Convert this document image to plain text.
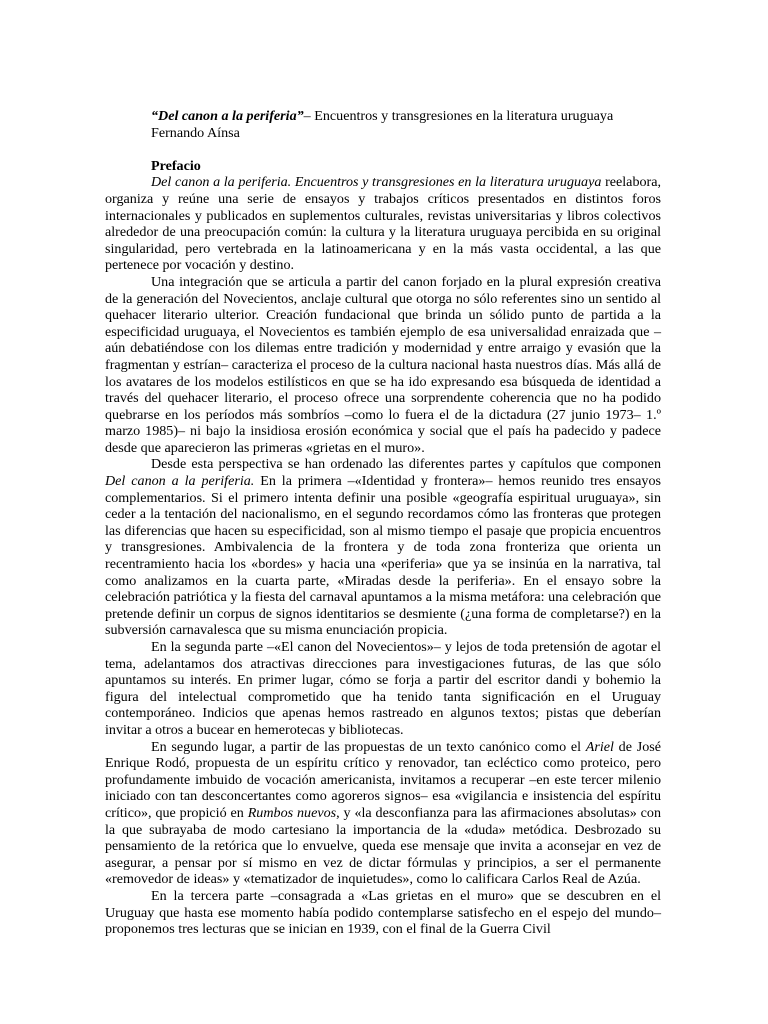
“Del canon a la periferia”– Encuentros y transgresiones en la literatura uruguaya

Fernando Aínsa

Prefacio

Del canon a la periferia. Encuentros y transgresiones en la literatura uruguaya reelabora, organiza y reúne una serie de ensayos y trabajos críticos presentados en distintos foros internacionales y publicados en suplementos culturales, revistas universitarias y libros colectivos alrededor de una preocupación común: la cultura y la literatura uruguaya percibida en su original singularidad, pero vertebrada en la latinoamericana y en la más vasta occidental, a las que pertenece por vocación y destino.

Una integración que se articula a partir del canon forjado en la plural expresión creativa de la generación del Novecientos, anclaje cultural que otorga no sólo referentes sino un sentido al quehacer literario ulterior. Creación fundacional que brinda un sólido punto de partida a la especificidad uruguaya, el Novecientos es también ejemplo de esa universalidad enraizada que –aún debatiéndose con los dilemas entre tradición y modernidad y entre arraigo y evasión que la fragmentan y estrían– caracteriza el proceso de la cultura nacional hasta nuestros días. Más allá de los avatares de los modelos estilísticos en que se ha ido expresando esa búsqueda de identidad a través del quehacer literario, el proceso ofrece una sorprendente coherencia que no ha podido quebrarse en los períodos más sombríos –como lo fuera el de la dictadura (27 junio 1973– 1.º marzo 1985)– ni bajo la insidiosa erosión económica y social que el país ha padecido y padece desde que aparecieron las primeras «grietas en el muro».

Desde esta perspectiva se han ordenado las diferentes partes y capítulos que componen Del canon a la periferia. En la primera –«Identidad y frontera»– hemos reunido tres ensayos complementarios. Si el primero intenta definir una posible «geografía espiritual uruguaya», sin ceder a la tentación del nacionalismo, en el segundo recordamos cómo las fronteras que protegen las diferencias que hacen su especificidad, son al mismo tiempo el pasaje que propicia encuentros y transgresiones. Ambivalencia de la frontera y de toda zona fronteriza que orienta un recentramiento hacia los «bordes» y hacia una «periferia» que ya se insinúa en la narrativa, tal como analizamos en la cuarta parte, «Miradas desde la periferia». En el ensayo sobre la celebración patriótica y la fiesta del carnaval apuntamos a la misma metáfora: una celebración que pretende definir un corpus de signos identitarios se desmiente (¿una forma de completarse?) en la subversión carnavalesca que su misma enunciación propicia.

En la segunda parte –«El canon del Novecientos»– y lejos de toda pretensión de agotar el tema, adelantamos dos atractivas direcciones para investigaciones futuras, de las que sólo apuntamos su interés. En primer lugar, cómo se forja a partir del escritor dandi y bohemio la figura del intelectual comprometido que ha tenido tanta significación en el Uruguay contemporáneo. Indicios que apenas hemos rastreado en algunos textos; pistas que deberían invitar a otros a bucear en hemerotecas y bibliotecas.

En segundo lugar, a partir de las propuestas de un texto canónico como el Ariel de José Enrique Rodó, propuesta de un espíritu crítico y renovador, tan ecléctico como proteico, pero profundamente imbuido de vocación americanista, invitamos a recuperar –en este tercer milenio iniciado con tan desconcertantes como agoreros signos– esa «vigilancia e insistencia del espíritu crítico», que propició en Rumbos nuevos, y «la desconfianza para las afirmaciones absolutas» con la que subrayaba de modo cartesiano la importancia de la «duda» metódica. Desbrozado su pensamiento de la retórica que lo envuelve, queda ese mensaje que invita a aconsejar en vez de asegurar, a pensar por sí mismo en vez de dictar fórmulas y principios, a ser el permanente «removedor de ideas» y «tematizador de inquietudes», como lo calificara Carlos Real de Azúa.

En la tercera parte –consagrada a «Las grietas en el muro» que se descubren en el Uruguay que hasta ese momento había podido contemplarse satisfecho en el espejo del mundo– proponemos tres lecturas que se inician en 1939, con el final de la Guerra Civil
